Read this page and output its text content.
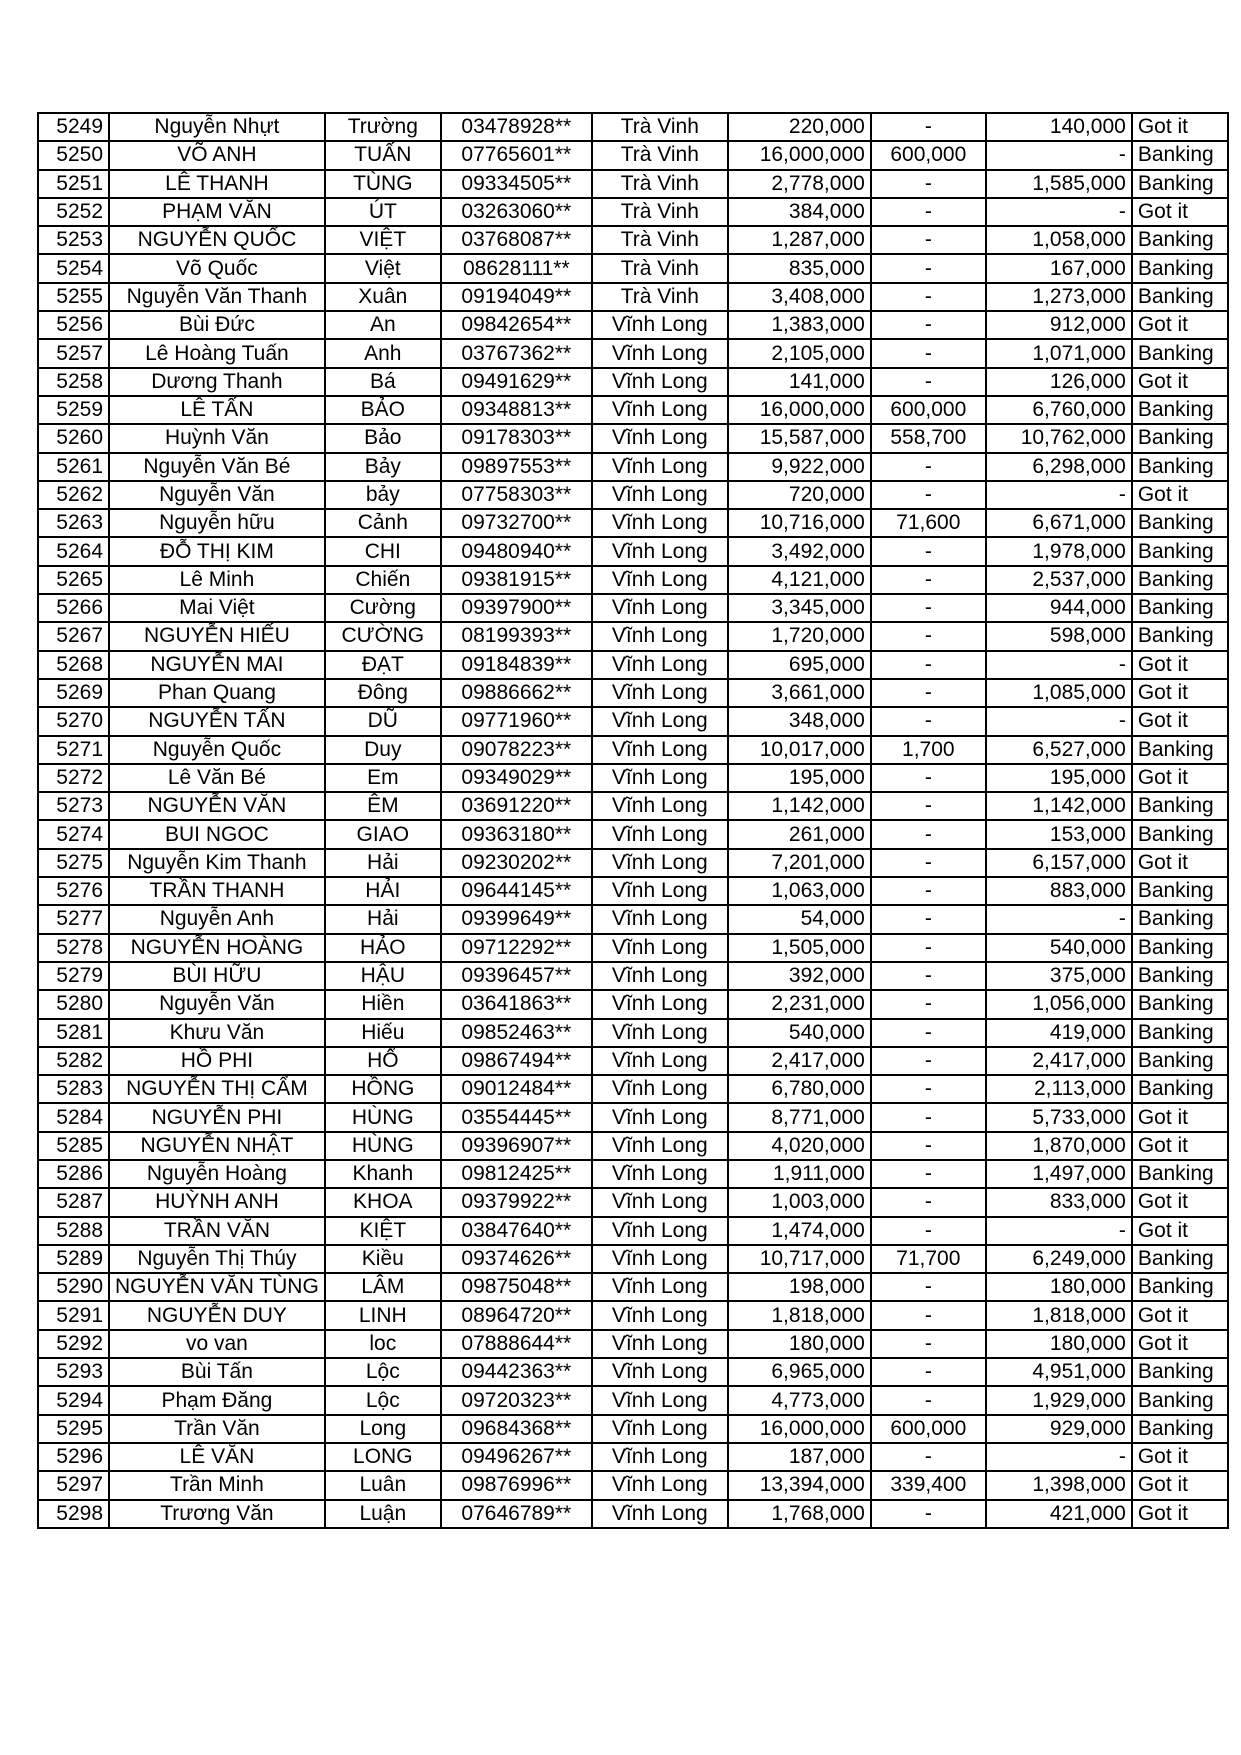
5249	Nguyễn Nhựt	Trường	03478928**	Trà Vinh	220,000	-	140,000	Got it
5250	VÕ ANH	TUẤN	07765601**	Trà Vinh	16,000,000	600,000	-	Banking
5251	LÊ THANH	TÙNG	09334505**	Trà Vinh	2,778,000	-	1,585,000	Banking
5252	PHẠM VĂN	ÚT	03263060**	Trà Vinh	384,000	-	-	Got it
5253	NGUYỄN QUỐC	VIỆT	03768087**	Trà Vinh	1,287,000	-	1,058,000	Banking
5254	Võ Quốc	Việt	08628111**	Trà Vinh	835,000	-	167,000	Banking
5255	Nguyễn Văn Thanh	Xuân	09194049**	Trà Vinh	3,408,000	-	1,273,000	Banking
5256	Bùi Đức	An	09842654**	Vĩnh Long	1,383,000	-	912,000	Got it
5257	Lê Hoàng Tuấn	Anh	03767362**	Vĩnh Long	2,105,000	-	1,071,000	Banking
5258	Dương Thanh	Bá	09491629**	Vĩnh Long	141,000	-	126,000	Got it
5259	LÊ TẤN	BẢO	09348813**	Vĩnh Long	16,000,000	600,000	6,760,000	Banking
5260	Huỳnh Văn	Bảo	09178303**	Vĩnh Long	15,587,000	558,700	10,762,000	Banking
5261	Nguyễn Văn Bé	Bảy	09897553**	Vĩnh Long	9,922,000	-	6,298,000	Banking
5262	Nguyễn Văn	bảy	07758303**	Vĩnh Long	720,000	-	-	Got it
5263	Nguyễn hữu	Cảnh	09732700**	Vĩnh Long	10,716,000	71,600	6,671,000	Banking
5264	ĐỖ THỊ KIM	CHI	09480940**	Vĩnh Long	3,492,000	-	1,978,000	Banking
5265	Lê Minh	Chiến	09381915**	Vĩnh Long	4,121,000	-	2,537,000	Banking
5266	Mai Việt	Cường	09397900**	Vĩnh Long	3,345,000	-	944,000	Banking
5267	NGUYỄN HIẾU	CƯỜNG	08199393**	Vĩnh Long	1,720,000	-	598,000	Banking
5268	NGUYỄN MAI	ĐẠT	09184839**	Vĩnh Long	695,000	-	-	Got it
5269	Phan Quang	Đông	09886662**	Vĩnh Long	3,661,000	-	1,085,000	Got it
5270	NGUYỄN TẤN	DŨ	09771960**	Vĩnh Long	348,000	-	-	Got it
5271	Nguyễn Quốc	Duy	09078223**	Vĩnh Long	10,017,000	1,700	6,527,000	Banking
5272	Lê Văn Bé	Em	09349029**	Vĩnh Long	195,000	-	195,000	Got it
5273	NGUYỄN VĂN	ÊM	03691220**	Vĩnh Long	1,142,000	-	1,142,000	Banking
5274	BUI NGOC	GIAO	09363180**	Vĩnh Long	261,000	-	153,000	Banking
5275	Nguyễn Kim Thanh	Hải	09230202**	Vĩnh Long	7,201,000	-	6,157,000	Got it
5276	TRẦN THANH	HẢI	09644145**	Vĩnh Long	1,063,000	-	883,000	Banking
5277	Nguyễn Anh	Hải	09399649**	Vĩnh Long	54,000	-	-	Banking
5278	NGUYỄN HOÀNG	HẢO	09712292**	Vĩnh Long	1,505,000	-	540,000	Banking
5279	BÙI HỮU	HẬU	09396457**	Vĩnh Long	392,000	-	375,000	Banking
5280	Nguyễn Văn	Hiền	03641863**	Vĩnh Long	2,231,000	-	1,056,000	Banking
5281	Khưu Văn	Hiếu	09852463**	Vĩnh Long	540,000	-	419,000	Banking
5282	HỒ PHI	HỔ	09867494**	Vĩnh Long	2,417,000	-	2,417,000	Banking
5283	NGUYỄN THỊ CẨM	HỒNG	09012484**	Vĩnh Long	6,780,000	-	2,113,000	Banking
5284	NGUYỄN PHI	HÙNG	03554445**	Vĩnh Long	8,771,000	-	5,733,000	Got it
5285	NGUYỄN NHẬT	HÙNG	09396907**	Vĩnh Long	4,020,000	-	1,870,000	Got it
5286	Nguyễn Hoàng	Khanh	09812425**	Vĩnh Long	1,911,000	-	1,497,000	Banking
5287	HUỲNH ANH	KHOA	09379922**	Vĩnh Long	1,003,000	-	833,000	Got it
5288	TRẦN VĂN	KIỆT	03847640**	Vĩnh Long	1,474,000	-	-	Got it
5289	Nguyễn Thị Thúy	Kiều	09374626**	Vĩnh Long	10,717,000	71,700	6,249,000	Banking
5290	NGUYỄN VĂN TÙNG	LÂM	09875048**	Vĩnh Long	198,000	-	180,000	Banking
5291	NGUYỄN DUY	LINH	08964720**	Vĩnh Long	1,818,000	-	1,818,000	Got it
5292	vo van	loc	07888644**	Vĩnh Long	180,000	-	180,000	Got it
5293	Bùi Tấn	Lộc	09442363**	Vĩnh Long	6,965,000	-	4,951,000	Banking
5294	Phạm Đăng	Lộc	09720323**	Vĩnh Long	4,773,000	-	1,929,000	Banking
5295	Trần Văn	Long	09684368**	Vĩnh Long	16,000,000	600,000	929,000	Banking
5296	LÊ VĂN	LONG	09496267**	Vĩnh Long	187,000	-	-	Got it
5297	Trần Minh	Luân	09876996**	Vĩnh Long	13,394,000	339,400	1,398,000	Got it
5298	Trương Văn	Luận	07646789**	Vĩnh Long	1,768,000	-	421,000	Got it
